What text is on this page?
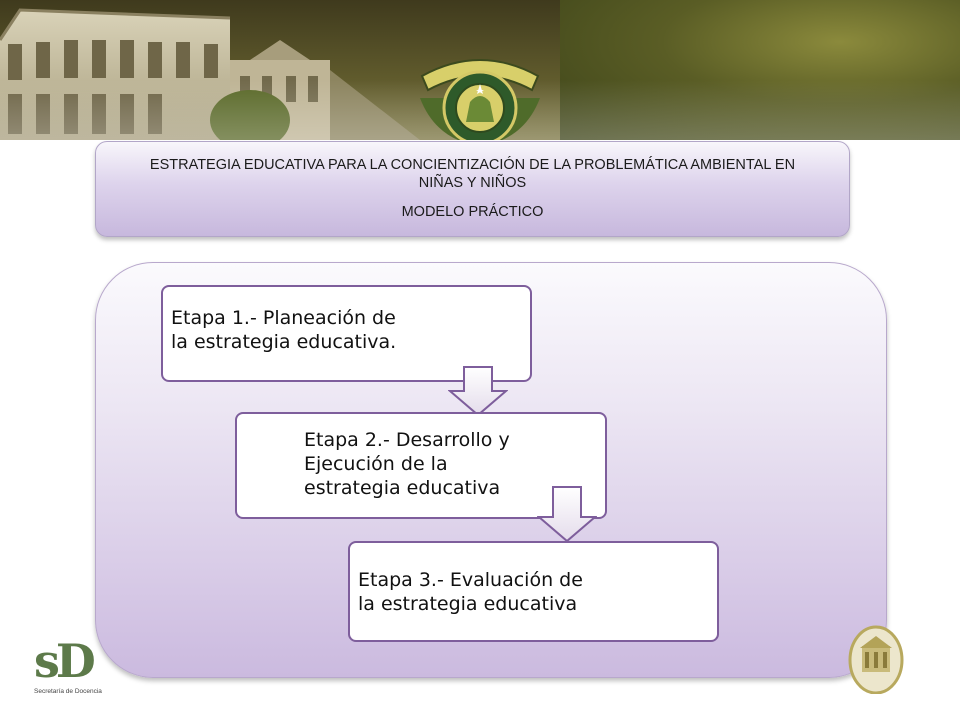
ESTRATEGIA EDUCATIVA PARA LA CONCIENTIZACIÓN DE LA PROBLEMÁTICA AMBIENTAL EN NIÑAS Y NIÑOS
MODELO PRÁCTICO
Etapa 1.- Planeación de
la estrategia educativa.
Etapa 2.- Desarrollo y
Ejecución de la
estrategia educativa
Etapa 3.- Evaluación de
la estrategia educativa
sD
Secretaría de Docencia
